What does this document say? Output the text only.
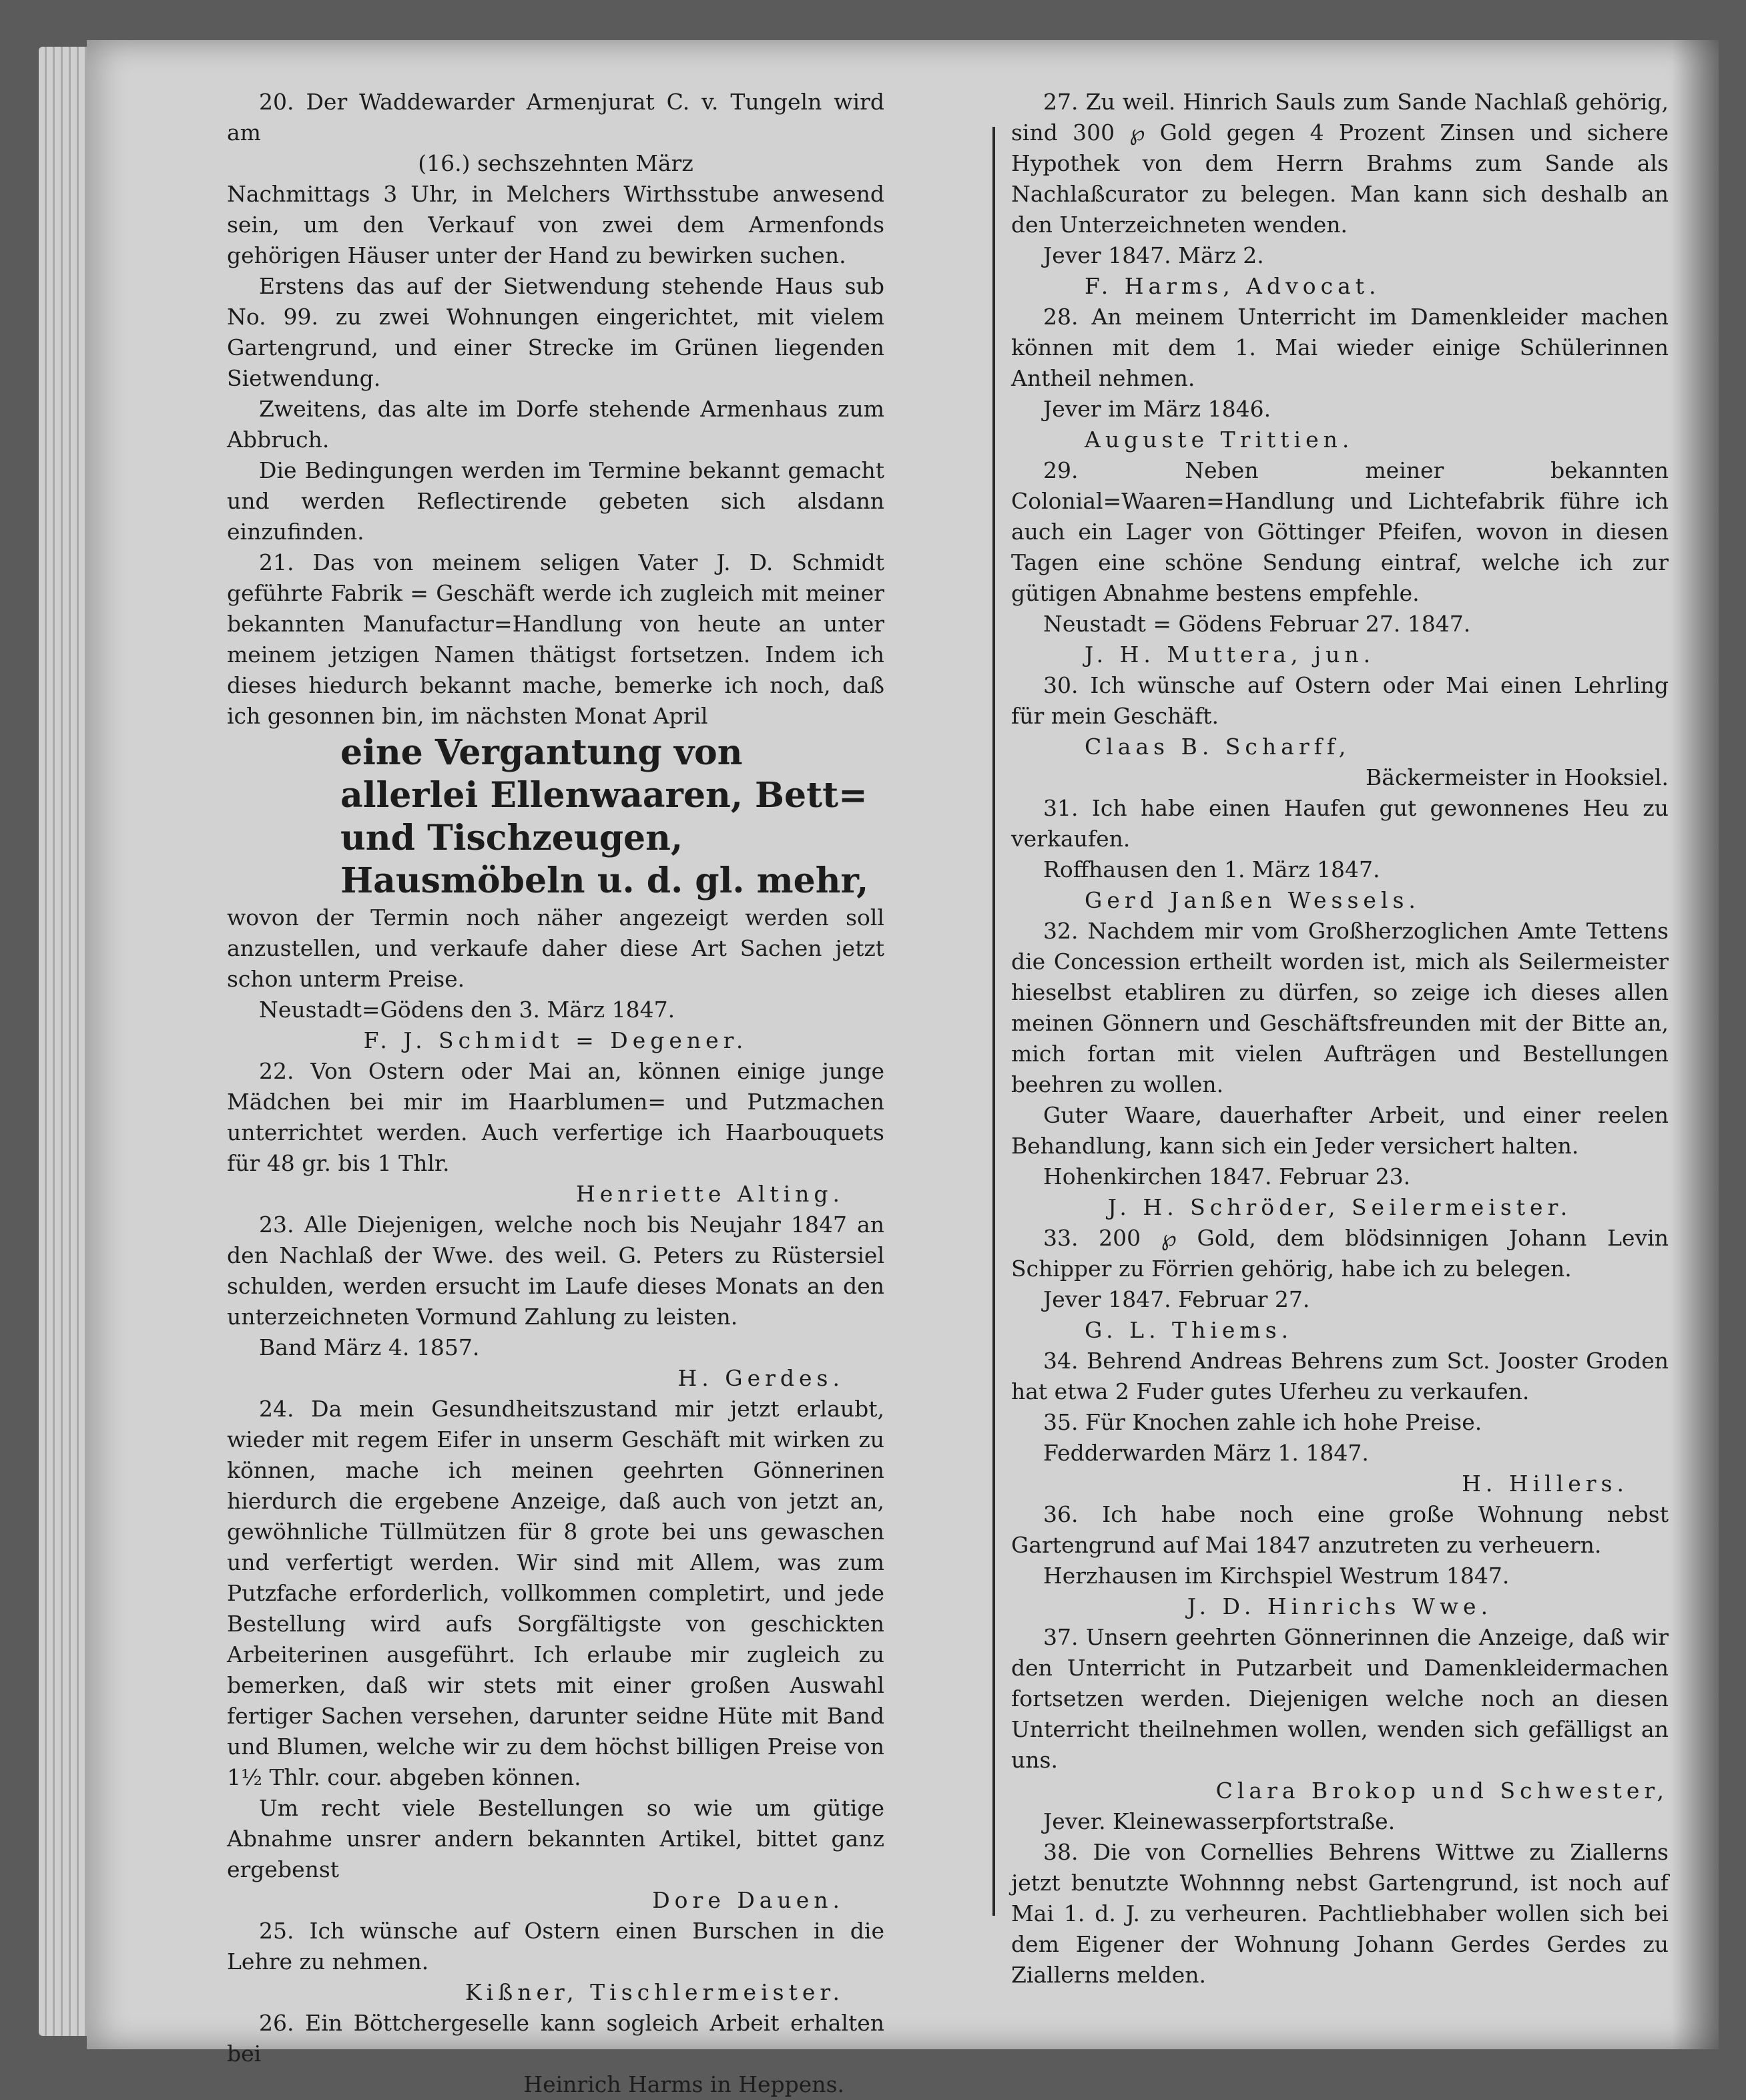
20. Der Waddewarder Armenjurat C. v. Tungeln wird am

(16.) sechszehnten März

Nachmittags 3 Uhr, in Melchers Wirthsstube anwesend sein, um den Verkauf von zwei dem Armenfonds gehörigen Häuser unter der Hand zu bewirken suchen.

Erstens das auf der Sietwendung stehende Haus sub No. 99. zu zwei Wohnungen eingerichtet, mit vielem Gartengrund, und einer Strecke im Grünen liegenden Sietwendung.

Zweitens, das alte im Dorfe stehende Armenhaus zum Abbruch.

Die Bedingungen werden im Termine bekannt gemacht und werden Reflectirende gebeten sich alsdann einzufinden.

21. Das von meinem seligen Vater J. D. Schmidt geführte Fabrik = Geschäft werde ich zugleich mit meiner bekannten Manufactur=Handlung von heute an unter meinem jetzigen Namen thätigst fortsetzen. Indem ich dieses hiedurch bekannt mache, bemerke ich noch, daß ich gesonnen bin, im nächsten Monat April

eine Vergantung von allerlei Ellenwaaren, Bett= und Tischzeugen, Hausmöbeln u. d. gl. mehr,

wovon der Termin noch näher angezeigt werden soll anzustellen, und verkaufe daher diese Art Sachen jetzt schon unterm Preise.

Neustadt=Gödens den 3. März 1847.

F. J. Schmidt = Degener.

22. Von Ostern oder Mai an, können einige junge Mädchen bei mir im Haarblumen= und Putzmachen unterrichtet werden. Auch verfertige ich Haarbouquets für 48 gr. bis 1 Thlr.

Henriette Alting.

23. Alle Diejenigen, welche noch bis Neujahr 1847 an den Nachlaß der Wwe. des weil. G. Peters zu Rüstersiel schulden, werden ersucht im Laufe dieses Monats an den unterzeichneten Vormund Zahlung zu leisten.

Band März 4. 1857.

H. Gerdes.

24. Da mein Gesundheitszustand mir jetzt erlaubt, wieder mit regem Eifer in unserm Geschäft mit wirken zu können, mache ich meinen geehrten Gönnerinen hierdurch die ergebene Anzeige, daß auch von jetzt an, gewöhnliche Tüllmützen für 8 grote bei uns gewaschen und verfertigt werden. Wir sind mit Allem, was zum Putzfache erforderlich, vollkommen completirt, und jede Bestellung wird aufs Sorgfältigste von geschickten Arbeiterinen ausgeführt. Ich erlaube mir zugleich zu bemerken, daß wir stets mit einer großen Auswahl fertiger Sachen versehen, darunter seidne Hüte mit Band und Blumen, welche wir zu dem höchst billigen Preise von 1½ Thlr. cour. abgeben können.

Um recht viele Bestellungen so wie um gütige Abnahme unsrer andern bekannten Artikel, bittet ganz ergebenst

Dore Dauen.

25. Ich wünsche auf Ostern einen Burschen in die Lehre zu nehmen.

Kißner, Tischlermeister.

26. Ein Böttchergeselle kann sogleich Arbeit erhalten bei

Heinrich Harms in Heppens.

27. Zu weil. Hinrich Sauls zum Sande Nachlaß gehörig, sind 300 ℘ Gold gegen 4 Prozent Zinsen und sichere Hypothek von dem Herrn Brahms zum Sande als Nachlaßcurator zu belegen. Man kann sich deshalb an den Unterzeichneten wenden.

Jever 1847. März 2.

F. Harms, Advocat.

28. An meinem Unterricht im Damenkleider machen können mit dem 1. Mai wieder einige Schülerinnen Antheil nehmen.

Jever im März 1846.

Auguste Trittien.

29. Neben meiner bekannten Colonial=Waaren=Handlung und Lichtefabrik führe ich auch ein Lager von Göttinger Pfeifen, wovon in diesen Tagen eine schöne Sendung eintraf, welche ich zur gütigen Abnahme bestens empfehle.

Neustadt = Gödens Februar 27. 1847.

J. H. Muttera, jun.

30. Ich wünsche auf Ostern oder Mai einen Lehrling für mein Geschäft.

Claas B. Scharff,

Bäckermeister in Hooksiel.

31. Ich habe einen Haufen gut gewonnenes Heu zu verkaufen.

Roffhausen den 1. März 1847.

Gerd Janßen Wessels.

32. Nachdem mir vom Großherzoglichen Amte Tettens die Concession ertheilt worden ist, mich als Seilermeister hieselbst etabliren zu dürfen, so zeige ich dieses allen meinen Gönnern und Geschäftsfreunden mit der Bitte an, mich fortan mit vielen Aufträgen und Bestellungen beehren zu wollen.

Guter Waare, dauerhafter Arbeit, und einer reelen Behandlung, kann sich ein Jeder versichert halten.

Hohenkirchen 1847. Februar 23.

J. H. Schröder, Seilermeister.

33. 200 ℘ Gold, dem blödsinnigen Johann Levin Schipper zu Förrien gehörig, habe ich zu belegen.

Jever 1847. Februar 27.

G. L. Thiems.

34. Behrend Andreas Behrens zum Sct. Jooster Groden hat etwa 2 Fuder gutes Uferheu zu verkaufen.

35. Für Knochen zahle ich hohe Preise.

Fedderwarden März 1. 1847.

H. Hillers.

36. Ich habe noch eine große Wohnung nebst Gartengrund auf Mai 1847 anzutreten zu verheuern.

Herzhausen im Kirchspiel Westrum 1847.

J. D. Hinrichs Wwe.

37. Unsern geehrten Gönnerinnen die Anzeige, daß wir den Unterricht in Putzarbeit und Damenkleidermachen fortsetzen werden. Diejenigen welche noch an diesen Unterricht theilnehmen wollen, wenden sich gefälligst an uns.

Clara Brokop und Schwester,

Jever. Kleinewasserpfortstraße.

38. Die von Cornellies Behrens Wittwe zu Ziallerns jetzt benutzte Wohnnng nebst Gartengrund, ist noch auf Mai 1. d. J. zu verheuren. Pachtliebhaber wollen sich bei dem Eigener der Wohnung Johann Gerdes Gerdes zu Ziallerns melden.
